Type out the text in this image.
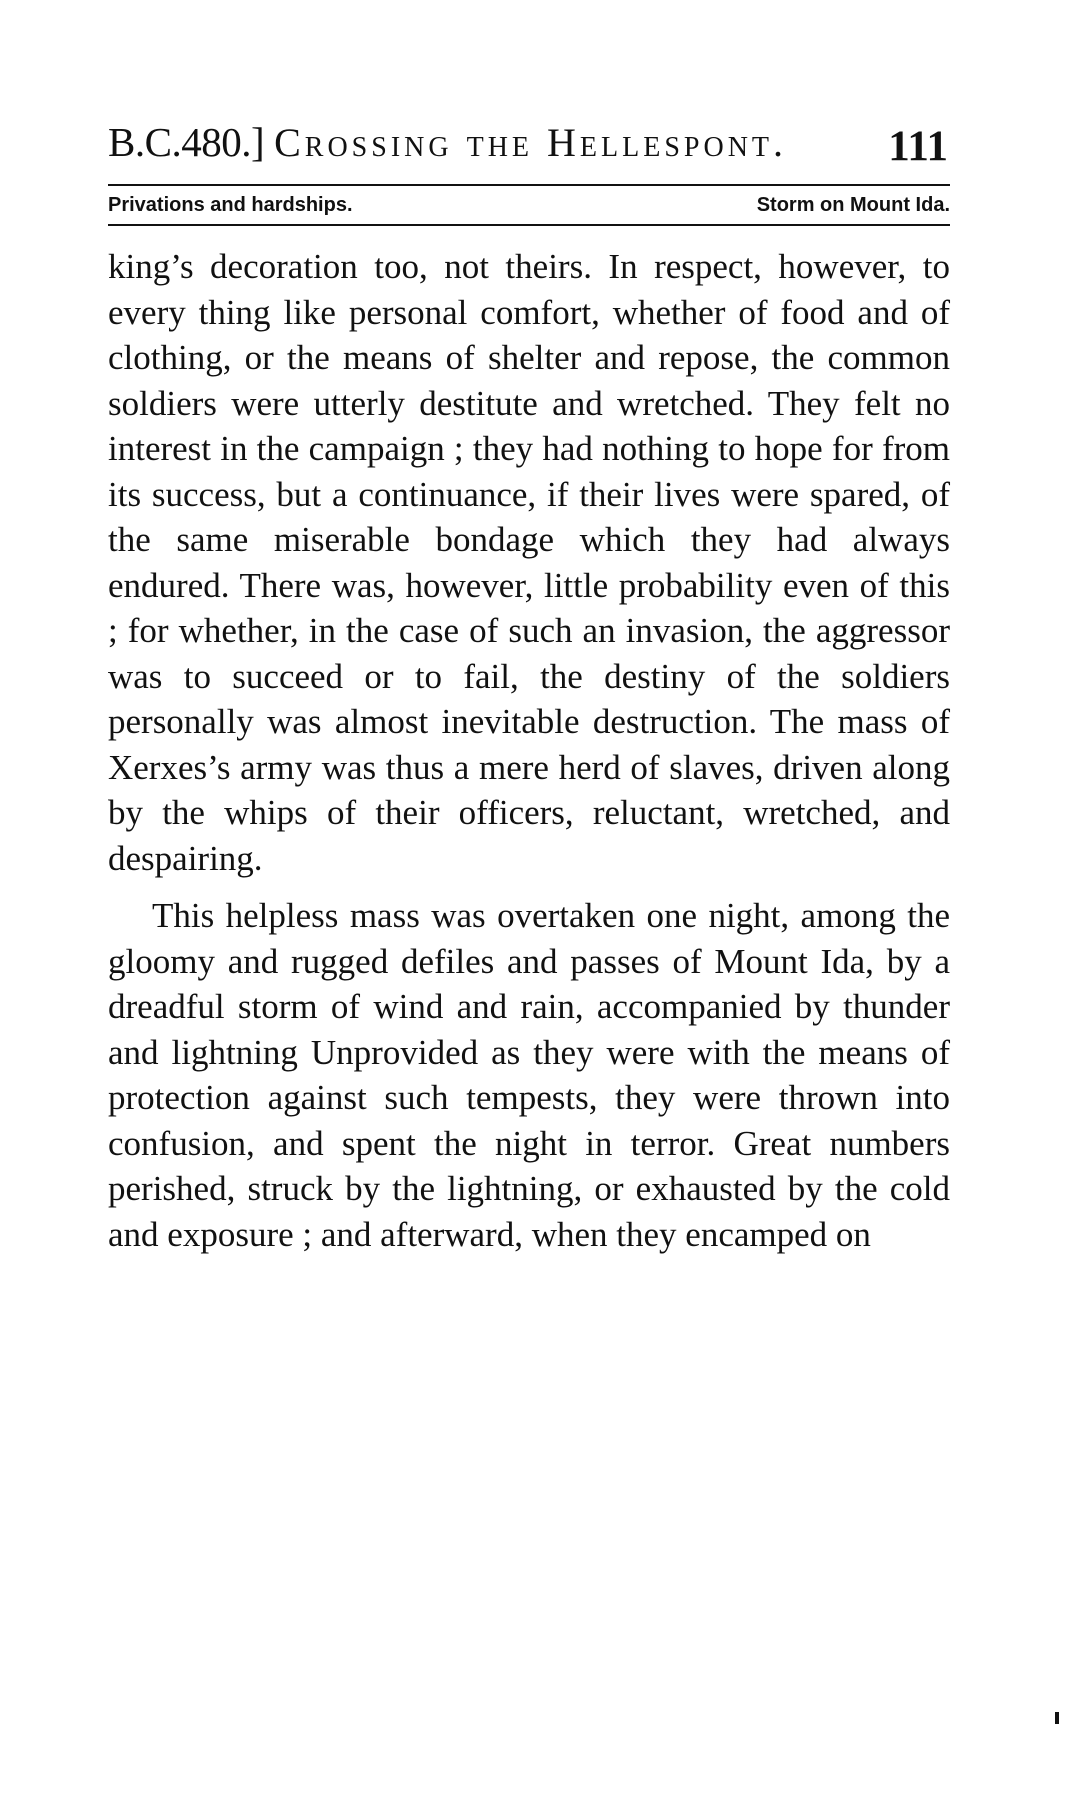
B.C.480.] Crossing the Hellespont. 111
Privations and hardships.	Storm on Mount Ida.

king’s decoration too, not theirs. In respect, however, to every thing like personal comfort, whether of food and of clothing, or the means of shelter and repose, the common soldiers were utterly destitute and wretched. They felt no interest in the campaign ; they had nothing to hope for from its success, but a continuance, if their lives were spared, of the same miserable bondage which they had always endured. There was, however, little probability even of this ; for whether, in the case of such an invasion, the aggressor was to succeed or to fail, the destiny of the soldiers personally was almost inevitable destruction. The mass of Xerxes’s army was thus a mere herd of slaves, driven along by the whips of their officers, reluctant, wretched, and despairing.

This helpless mass was overtaken one night, among the gloomy and rugged defiles and passes of Mount Ida, by a dreadful storm of wind and rain, accompanied by thunder and lightning Unprovided as they were with the means of protection against such tempests, they were thrown into confusion, and spent the night in terror. Great numbers perished, struck by the lightning, or exhausted by the cold and exposure ; and afterward, when they encamped on
